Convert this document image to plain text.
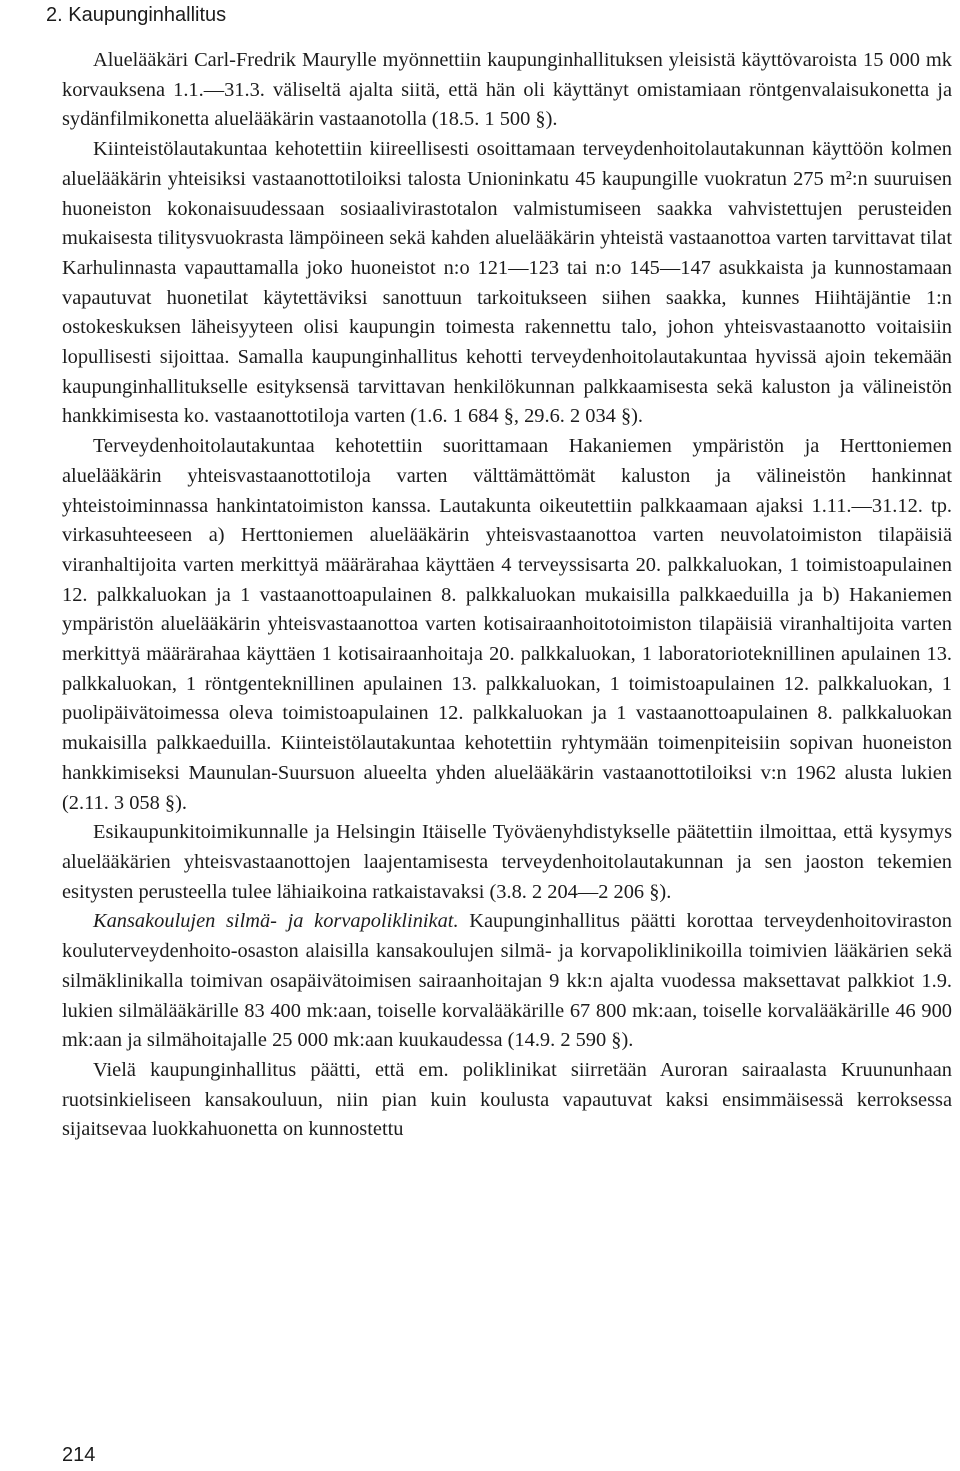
2. Kaupunginhallitus

Aluelääkäri Carl-Fredrik Maurylle myönnettiin kaupunginhallituksen yleisistä käyttövaroista 15 000 mk korvauksena 1.1.—31.3. väliseltä ajalta siitä, että hän oli käyttänyt omistamiaan röntgenvalaisukonetta ja sydänfilmikonetta aluelääkärin vastaanotolla (18.5. 1 500 §).

Kiinteistölautakuntaa kehotettiin kiireellisesti osoittamaan terveydenhoitolautakunnan käyttöön kolmen aluelääkärin yhteisiksi vastaanottotiloiksi talosta Unioninkatu 45 kaupungille vuokratun 275 m²:n suuruisen huoneiston kokonaisuudessaan sosiaalivirastotalon valmistumiseen saakka vahvistettujen perusteiden mukaisesta tilitysvuokrasta lämpöineen sekä kahden aluelääkärin yhteistä vastaanottoa varten tarvittavat tilat Karhulinnasta vapauttamalla joko huoneistot n:o 121—123 tai n:o 145—147 asukkaista ja kunnostamaan vapautuvat huonetilat käytettäviksi sanottuun tarkoitukseen siihen saakka, kunnes Hiihtäjäntie 1:n ostokeskuksen läheisyyteen olisi kaupungin toimesta rakennettu talo, johon yhteisvastaanotto voitaisiin lopullisesti sijoittaa. Samalla kaupunginhallitus kehotti terveydenhoitolautakuntaa hyvissä ajoin tekemään kaupunginhallitukselle esityksensä tarvittavan henkilökunnan palkkaamisesta sekä kaluston ja välineistön hankkimisesta ko. vastaanottotiloja varten (1.6. 1 684 §, 29.6. 2 034 §).

Terveydenhoitolautakuntaa kehotettiin suorittamaan Hakaniemen ympäristön ja Herttoniemen aluelääkärin yhteisvastaanottotiloja varten välttämättömät kaluston ja välineistön hankinnat yhteistoiminnassa hankintatoimiston kanssa. Lautakunta oikeutettiin palkkaamaan ajaksi 1.11.—31.12. tp. virkasuhteeseen a) Herttoniemen aluelääkärin yhteisvastaanottoa varten neuvolatoimiston tilapäisiä viranhaltijoita varten merkittyä määrärahaa käyttäen 4 terveyssisarta 20. palkkaluokan, 1 toimistoapulainen 12. palkkaluokan ja 1 vastaanottoapulainen 8. palkkaluokan mukaisilla palkkaeduilla ja b) Hakaniemen ympäristön aluelääkärin yhteisvastaanottoa varten kotisairaanhoitotoimiston tilapäisiä viranhaltijoita varten merkittyä määrärahaa käyttäen 1 kotisairaanhoitaja 20. palkkaluokan, 1 laboratorioteknillinen apulainen 13. palkkaluokan, 1 röntgenteknillinen apulainen 13. palkkaluokan, 1 toimistoapulainen 12. palkkaluokan, 1 puolipäivätoimessa oleva toimistoapulainen 12. palkkaluokan ja 1 vastaanottoapulainen 8. palkkaluokan mukaisilla palkkaeduilla. Kiinteistölautakuntaa kehotettiin ryhtymään toimenpiteisiin sopivan huoneiston hankkimiseksi Maunulan-Suursuon alueelta yhden aluelääkärin vastaanottotiloiksi v:n 1962 alusta lukien (2.11. 3 058 §).

Esikaupunkitoimikunnalle ja Helsingin Itäiselle Työväenyhdistykselle päätettiin ilmoittaa, että kysymys aluelääkärien yhteisvastaanottojen laajentamisesta terveydenhoitolautakunnan ja sen jaoston tekemien esitysten perusteella tulee lähiaikoina ratkaistavaksi (3.8. 2 204—2 206 §).

Kansakoulujen silmä- ja korvapoliklinikat. Kaupunginhallitus päätti korottaa terveydenhoitoviraston kouluterveydenhoito-osaston alaisilla kansakoulujen silmä- ja korvapoliklinikoilla toimivien lääkärien sekä silmäklinikalla toimivan osapäivätoimisen sairaanhoitajan 9 kk:n ajalta vuodessa maksettavat palkkiot 1.9. lukien silmälääkärille 83 400 mk:aan, toiselle korvalääkärille 67 800 mk:aan, toiselle korvalääkärille 46 900 mk:aan ja silmähoitajalle 25 000 mk:aan kuukaudessa (14.9. 2 590 §).

Vielä kaupunginhallitus päätti, että em. poliklinikat siirretään Auroran sairaalasta Kruununhaan ruotsinkieliseen kansakouluun, niin pian kuin koulusta vapautuvat kaksi ensimmäisessä kerroksessa sijaitsevaa luokkahuonetta on kunnostettu

214
